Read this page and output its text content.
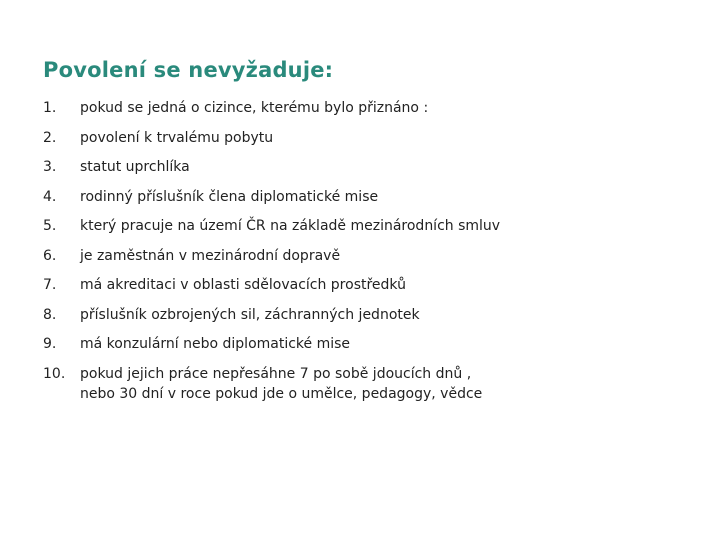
Povolení se nevyžaduje:
1.	pokud se jedná o cizince, kterému bylo přiznáno :
2.	povolení k trvalému pobytu
3.	statut uprchlíka
4.	rodinný příslušník člena diplomatické mise
5.	který pracuje na území ČR na základě mezinárodních smluv
6.	je zaměstnán v mezinárodní dopravě
7.	má akreditaci v oblasti sdělovacích prostředků
8.	příslušník ozbrojených sil, záchranných jednotek
9.	má konzulární nebo diplomatické mise
10.	pokud jejich práce nepřesáhne 7 po sobě jdoucích dnů ,
nebo 30 dní v roce pokud jde o umělce, pedagogy, vědce
